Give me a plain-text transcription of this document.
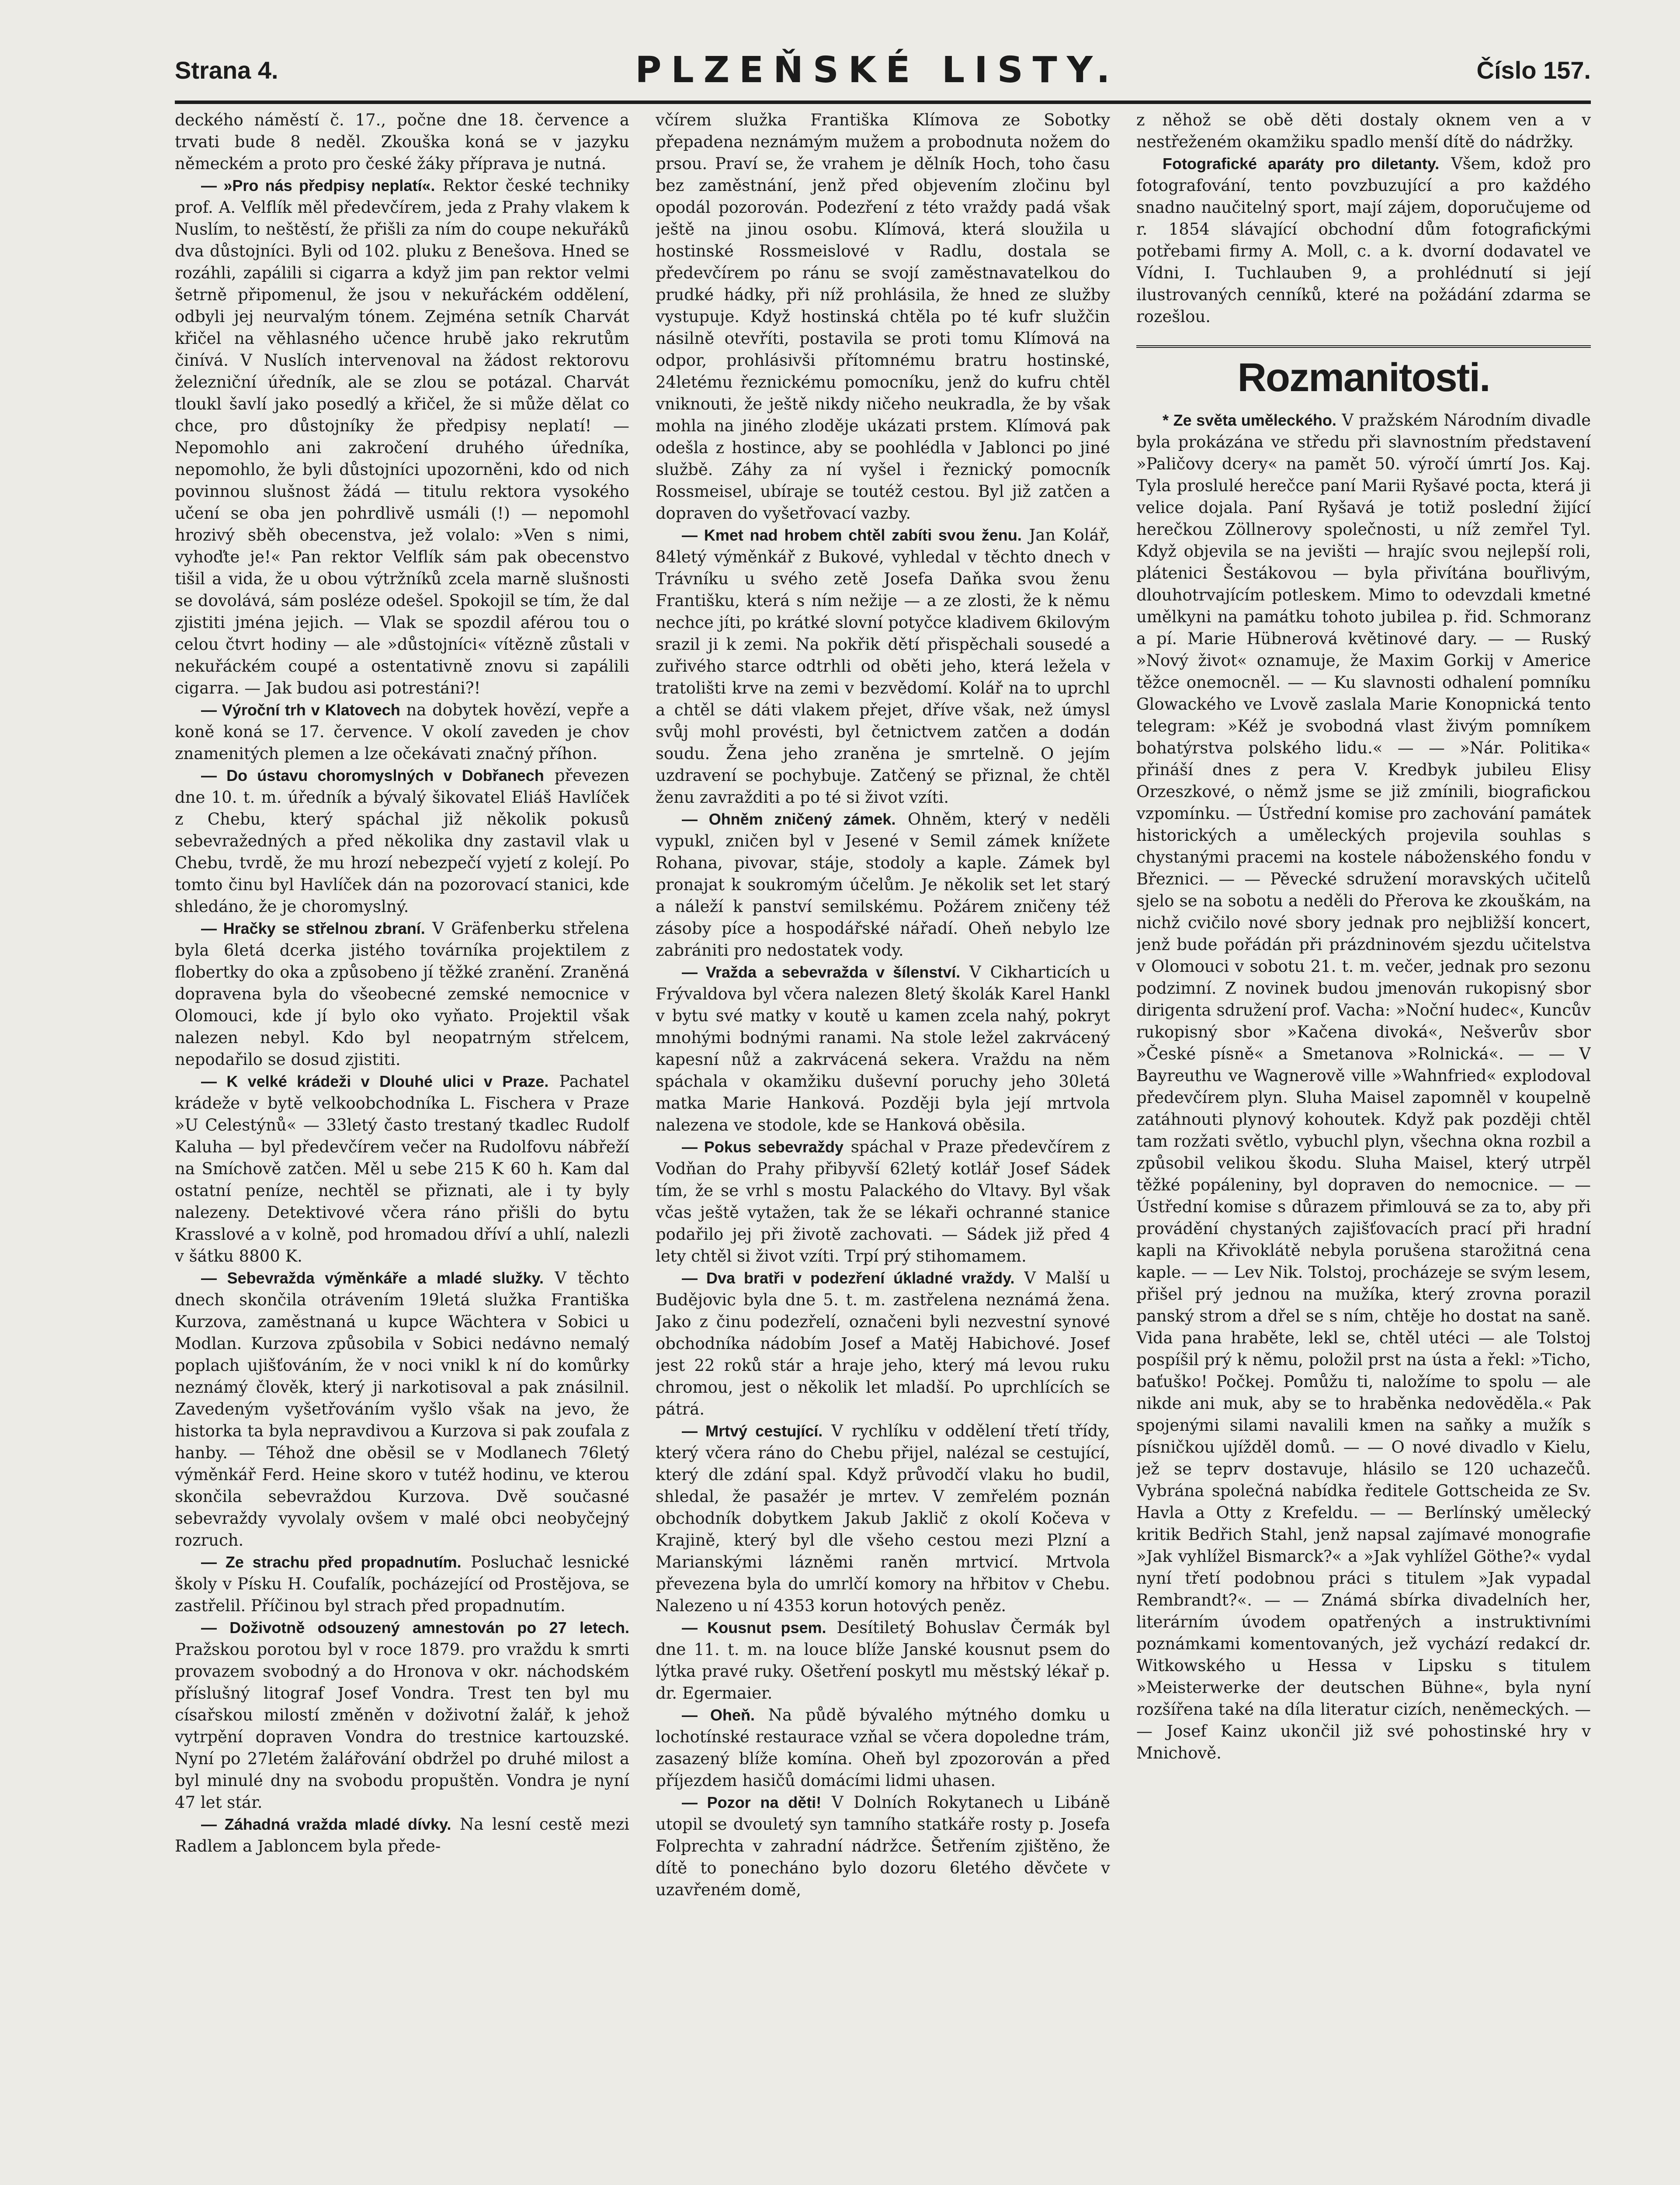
Strana 4.	PLZEŇSKÉ LISTY.	Číslo 157.

deckého náměstí č. 17., počne dne 18. července a trvati bude 8 neděl. Zkouška koná se v jazyku německém a proto pro české žáky příprava je nutná.

— »Pro nás předpisy neplatí«. Rektor české techniky prof. A. Velflík měl předevčírem, jeda z Prahy vlakem k Nuslím, to neštěstí, že přišli za ním do coupe nekuřáků dva důstojníci. Byli od 102. pluku z Benešova. Hned se rozáhli, zapálili si cigarra a když jim pan rektor velmi šetrně připomenul, že jsou v nekuřáckém oddělení, odbyli jej neurvalým tónem. Zejména setník Charvát křičel na věhlasného učence hrubě jako rekrutům činívá. V Nuslích intervenoval na žádost rektorovu železniční úředník, ale se zlou se potázal. Charvát tloukl šavlí jako posedlý a křičel, že si může dělat co chce, pro důstojníky že předpisy neplatí! — Nepomohlo ani zakročení druhého úředníka, nepomohlo, že byli důstojníci upozorněni, kdo od nich povinnou slušnost žádá — titulu rektora vysokého učení se oba jen pohrdlivě usmáli (!) — nepomohl hrozivý sběh obecenstva, jež volalo: »Ven s nimi, vyhoďte je!« Pan rektor Velflík sám pak obecenstvo tišil a vida, že u obou výtržníků zcela marně slušnosti se dovolává, sám posléze odešel. Spokojil se tím, že dal zjistiti jména jejich. — Vlak se spozdil aférou tou o celou čtvrt hodiny — ale »důstojníci« vítězně zůstali v nekuřáckém coupé a ostentativně znovu si zapálili cigarra. — Jak budou asi potrestáni?!

— Výroční trh v Klatovech na dobytek hovězí, vepře a koně koná se 17. července. V okolí zaveden je chov znamenitých plemen a lze očekávati značný příhon.

— Do ústavu choromyslných v Dobřanech převezen dne 10. t. m. úředník a bývalý šikovatel Eliáš Havlíček z Chebu, který spáchal již několik pokusů sebevražedných a před několika dny zastavil vlak u Chebu, tvrdě, že mu hrozí nebezpečí vyjetí z kolejí. Po tomto činu byl Havlíček dán na pozorovací stanici, kde shledáno, že je choromyslný.

— Hračky se střelnou zbraní. V Gräfenberku střelena byla 6letá dcerka jistého továrníka projektilem z flobertky do oka a způsobeno jí těžké zranění. Zraněná dopravena byla do všeobecné zemské nemocnice v Olomouci, kde jí bylo oko vyňato. Projektil však nalezen nebyl. Kdo byl neopatrným střelcem, nepodařilo se dosud zjistiti.

— K velké krádeži v Dlouhé ulici v Praze. Pachatel krádeže v bytě velkoobchodníka L. Fischera v Praze »U Celestýnů« — 33letý často trestaný tkadlec Rudolf Kaluha — byl předevčírem večer na Rudolfovu nábřeží na Smíchově zatčen. Měl u sebe 215 K 60 h. Kam dal ostatní peníze, nechtěl se přiznati, ale i ty byly nalezeny. Detektivové včera ráno přišli do bytu Krasslové a v kolně, pod hromadou dříví a uhlí, nalezli v šátku 8800 K.

— Sebevražda výměnkáře a mladé služky. V těchto dnech skončila otrávením 19letá služka Františka Kurzova, zaměstnaná u kupce Wächtera v Sobici u Modlan. Kurzova způsobila v Sobici nedávno nemalý poplach ujišťováním, že v noci vnikl k ní do komůrky neznámý člověk, který ji narkotisoval a pak znásilnil. Zavedeným vyšetřováním vyšlo však na jevo, že historka ta byla nepravdivou a Kurzova si pak zoufala z hanby. — Téhož dne oběsil se v Modlanech 76letý výměnkář Ferd. Heine skoro v tutéž hodinu, ve kterou skončila sebevraždou Kurzova. Dvě současné sebevraždy vyvolaly ovšem v malé obci neobyčejný rozruch.

— Ze strachu před propadnutím. Posluchač lesnické školy v Písku H. Coufalík, pocházející od Prostějova, se zastřelil. Příčinou byl strach před propadnutím.

— Doživotně odsouzený amnestován po 27 letech. Pražskou porotou byl v roce 1879. pro vraždu k smrti provazem svobodný a do Hronova v okr. náchodském příslušný litograf Josef Vondra. Trest ten byl mu císařskou milostí změněn v doživotní žalář, k jehož vytrpění dopraven Vondra do trestnice kartouzské. Nyní po 27letém žalářování obdržel po druhé milost a byl minulé dny na svobodu propuštěn. Vondra je nyní 47 let stár.

— Záhadná vražda mladé dívky. Na lesní cestě mezi Radlem a Jabloncem byla přede-

včírem služka Františka Klímova ze Sobotky přepadena neznámým mužem a probodnuta nožem do prsou. Praví se, že vrahem je dělník Hoch, toho času bez zaměstnání, jenž před objevením zločinu byl opodál pozorován. Podezření z této vraždy padá však ještě na jinou osobu. Klímová, která sloužila u hostinské Rossmeislové v Radlu, dostala se předevčírem po ránu se svojí zaměstnavatelkou do prudké hádky, při níž prohlásila, že hned ze služby vystupuje. Když hostinská chtěla po té kufr služčin násilně otevříti, postavila se proti tomu Klímová na odpor, prohlásivši přítomnému bratru hostinské, 24letému řeznickému pomocníku, jenž do kufru chtěl vniknouti, že ještě nikdy ničeho neukradla, že by však mohla na jiného zloděje ukázati prstem. Klímová pak odešla z hostince, aby se poohlédla v Jablonci po jiné službě. Záhy za ní vyšel i řeznický pomocník Rossmeisel, ubíraje se toutéž cestou. Byl již zatčen a dopraven do vyšetřovací vazby.

— Kmet nad hrobem chtěl zabíti svou ženu. Jan Kolář, 84letý výměnkář z Bukové, vyhledal v těchto dnech v Trávníku u svého zetě Josefa Daňka svou ženu Františku, která s ním nežije — a ze zlosti, že k němu nechce jíti, po krátké slovní potyčce kladivem 6kilovým srazil ji k zemi. Na pokřik dětí přispěchali sousedé a zuřivého starce odtrhli od oběti jeho, která ležela v tratolišti krve na zemi v bezvědomí. Kolář na to uprchl a chtěl se dáti vlakem přejet, dříve však, než úmysl svůj mohl provésti, byl četnictvem zatčen a dodán soudu. Žena jeho zraněna je smrtelně. O jejím uzdravení se pochybuje. Zatčený se přiznal, že chtěl ženu zavražditi a po té si život vzíti.

— Ohněm zničený zámek. Ohněm, který v neděli vypukl, zničen byl v Jesené v Semil zámek knížete Rohana, pivovar, stáje, stodoly a kaple. Zámek byl pronajat k soukromým účelům. Je několik set let starý a náleží k panství semilskému. Požárem zničeny též zásoby píce a hospodářské nářadí. Oheň nebylo lze zabrániti pro nedostatek vody.

— Vražda a sebevražda v šílenství. V Cikharticích u Frývaldova byl včera nalezen 8letý školák Karel Hankl v bytu své matky v koutě u kamen zcela nahý, pokryt mnohými bodnými ranami. Na stole ležel zakrvácený kapesní nůž a zakrvácená sekera. Vraždu na něm spáchala v okamžiku duševní poruchy jeho 30letá matka Marie Hanková. Později byla její mrtvola nalezena ve stodole, kde se Hanková oběsila.

— Pokus sebevraždy spáchal v Praze předevčírem z Vodňan do Prahy přibyvší 62letý kotlář Josef Sádek tím, že se vrhl s mostu Palackého do Vltavy. Byl však včas ještě vytažen, tak že se lékaři ochranné stanice podařilo jej při životě zachovati. — Sádek již před 4 lety chtěl si život vzíti. Trpí prý stihomamem.

— Dva bratři v podezření úkladné vraždy. V Malší u Budějovic byla dne 5. t. m. zastřelena neznámá žena. Jako z činu podezřelí, označeni byli nezvestní synové obchodníka nádobím Josef a Matěj Habichové. Josef jest 22 roků stár a hraje jeho, který má levou ruku chromou, jest o několik let mladší. Po uprchlících se pátrá.

— Mrtvý cestující. V rychlíku v oddělení třetí třídy, který včera ráno do Chebu přijel, nalézal se cestující, který dle zdání spal. Když průvodčí vlaku ho budil, shledal, že pasažér je mrtev. V zemřelém poznán obchodník dobytkem Jakub Jaklič z okolí Kočeva v Krajině, který byl dle všeho cestou mezi Plzní a Marianskými lázněmi raněn mrtvicí. Mrtvola převezena byla do umrlčí komory na hřbitov v Chebu. Nalezeno u ní 4353 korun hotových peněz.

— Kousnut psem. Desítiletý Bohuslav Čermák byl dne 11. t. m. na louce blíže Janské kousnut psem do lýtka pravé ruky. Ošetření poskytl mu městský lékař p. dr. Egermaier.

— Oheň. Na půdě bývalého mýtného domku u lochotínské restaurace vzňal se včera dopoledne trám, zasazený blíže komína. Oheň byl zpozorován a před příjezdem hasičů domácími lidmi uhasen.

— Pozor na děti! V Dolních Rokytanech u Libáně utopil se dvouletý syn tamního statkáře rosty p. Josefa Folprechta v zahradní nádržce. Šetřením zjištěno, že dítě to ponecháno bylo dozoru 6letého děvčete v uzavřeném domě,

z něhož se obě děti dostaly oknem ven a v nestřeženém okamžiku spadlo menší dítě do nádržky.

Fotografické aparáty pro diletanty. Všem, kdož pro fotografování, tento povzbuzující a pro každého snadno naučitelný sport, mají zájem, doporučujeme od r. 1854 slávající obchodní dům fotografickými potřebami firmy A. Moll, c. a k. dvorní dodavatel ve Vídni, I. Tuchlauben 9, a prohlédnutí si její ilustrovaných cenníků, které na požádání zdarma se rozešlou.

Rozmanitosti.

* Ze světa uměleckého. V pražském Národním divadle byla prokázána ve středu při slavnostním představení »Paličovy dcery« na pamět 50. výročí úmrtí Jos. Kaj. Tyla proslulé herečce paní Marii Ryšavé pocta, která ji velice dojala. Paní Ryšavá je totiž poslední žijící herečkou Zöllnerovy společnosti, u níž zemřel Tyl. Když objevila se na jevišti — hrajíc svou nejlepší roli, plátenici Šestákovou — byla přivítána bouřlivým, dlouhotrvajícím potleskem. Mimo to odevzdali kmetné umělkyni na památku tohoto jubilea p. řid. Schmoranz a pí. Marie Hübnerová květinové dary. — — Ruský »Nový život« oznamuje, že Maxim Gorkij v Americe těžce onemocněl. — — Ku slavnosti odhalení pomníku Glowackého ve Lvově zaslala Marie Konopnická tento telegram: »Kéž je svobodná vlast živým pomníkem bohatýrstva polského lidu.« — — »Nár. Politika« přináší dnes z pera V. Kredbyk jubileu Elisy Orzeszkové, o němž jsme se již zmínili, biografickou vzpomínku. — Ústřední komise pro zachování památek historických a uměleckých projevila souhlas s chystanými pracemi na kostele náboženského fondu v Březnici. — — Pěvecké sdružení moravských učitelů sjelo se na sobotu a neděli do Přerova ke zkouškám, na nichž cvičilo nové sbory jednak pro nejbližší koncert, jenž bude pořádán při prázdninovém sjezdu učitelstva v Olomouci v sobotu 21. t. m. večer, jednak pro sezonu podzimní. Z novinek budou jmenován rukopisný sbor dirigenta sdružení prof. Vacha: »Noční hudec«, Kuncův rukopisný sbor »Kačena divoká«, Nešverův sbor »České písně« a Smetanova »Rolnická«. — — V Bayreuthu ve Wagnerově ville »Wahnfried« explodoval předevčírem plyn. Sluha Maisel zapomněl v koupelně zatáhnouti plynový kohoutek. Když pak později chtěl tam rozžati světlo, vybuchl plyn, všechna okna rozbil a způsobil velikou škodu. Sluha Maisel, který utrpěl těžké popáleniny, byl dopraven do nemocnice. — — Ústřední komise s důrazem přimlouvá se za to, aby při provádění chystaných zajišťovacích prací při hradní kapli na Křivoklátě nebyla porušena starožitná cena kaple. — — Lev Nik. Tolstoj, procházeje se svým lesem, přišel prý jednou na mužíka, který zrovna porazil panský strom a dřel se s ním, chtěje ho dostat na saně. Vida pana hraběte, lekl se, chtěl utéci — ale Tolstoj pospíšil prý k němu, položil prst na ústa a řekl: »Ticho, baťuško! Počkej. Pomůžu ti, naložíme to spolu — ale nikde ani muk, aby se to hraběnka nedověděla.« Pak spojenými silami navalili kmen na saňky a mužík s písničkou ujížděl domů. — — O nové divadlo v Kielu, jež se teprv dostavuje, hlásilo se 120 uchazečů. Vybrána společná nabídka ředitele Gottscheida ze Sv. Havla a Otty z Krefeldu. — — Berlínský umělecký kritik Bedřich Stahl, jenž napsal zajímavé monografie »Jak vyhlížel Bismarck?« a »Jak vyhlížel Göthe?« vydal nyní třetí podobnou práci s titulem »Jak vypadal Rembrandt?«. — — Známá sbírka divadelních her, literárním úvodem opatřených a instruktivními poznámkami komentovaných, jež vychází redakcí dr. Witkowského u Hessa v Lipsku s titulem »Meisterwerke der deutschen Bühne«, byla nyní rozšířena také na díla literatur cizích, neněmeckých. — — Josef Kainz ukončil již své pohostinské hry v Mnichově.
